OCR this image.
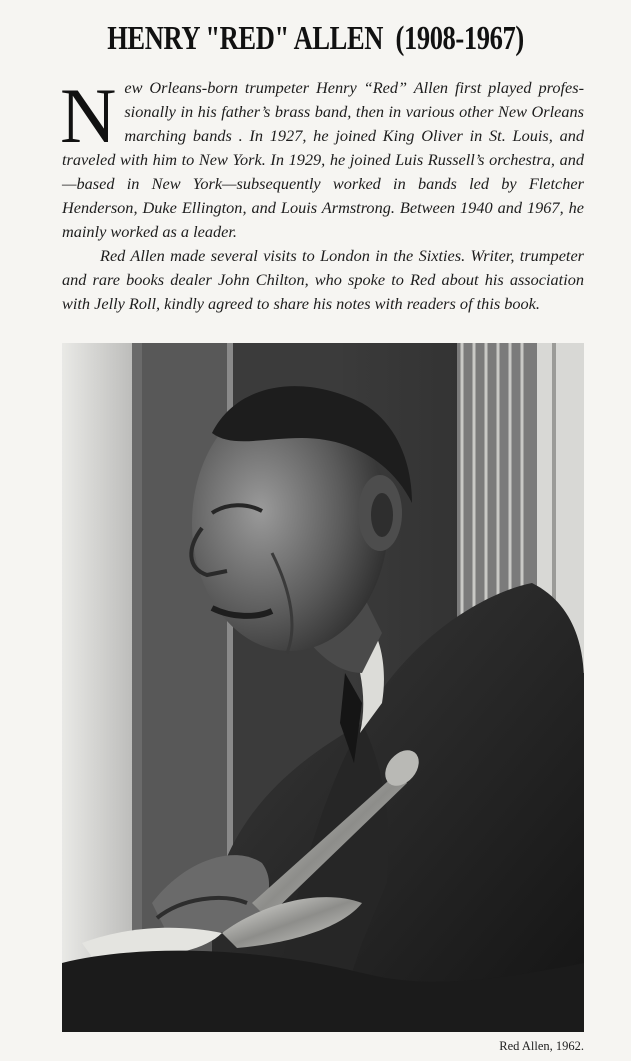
HENRY "RED" ALLEN (1908-1967)

New Orleans-born trumpeter Henry “Red” Allen first played professionally in his father’s brass band, then in various other New Orleans marching bands . In 1927, he joined King Oliver in St. Louis, and traveled with him to New York. In 1929, he joined Luis Russell’s orchestra, and—based in New York—subsequently worked in bands led by Fletcher Henderson, Duke Ellington, and Louis Armstrong. Between 1940 and 1967, he mainly worked as a leader.

Red Allen made several visits to London in the Sixties. Writer, trumpeter and rare books dealer John Chilton, who spoke to Red about his association with Jelly Roll, kindly agreed to share his notes with readers of this book.

Red Allen, 1962.
